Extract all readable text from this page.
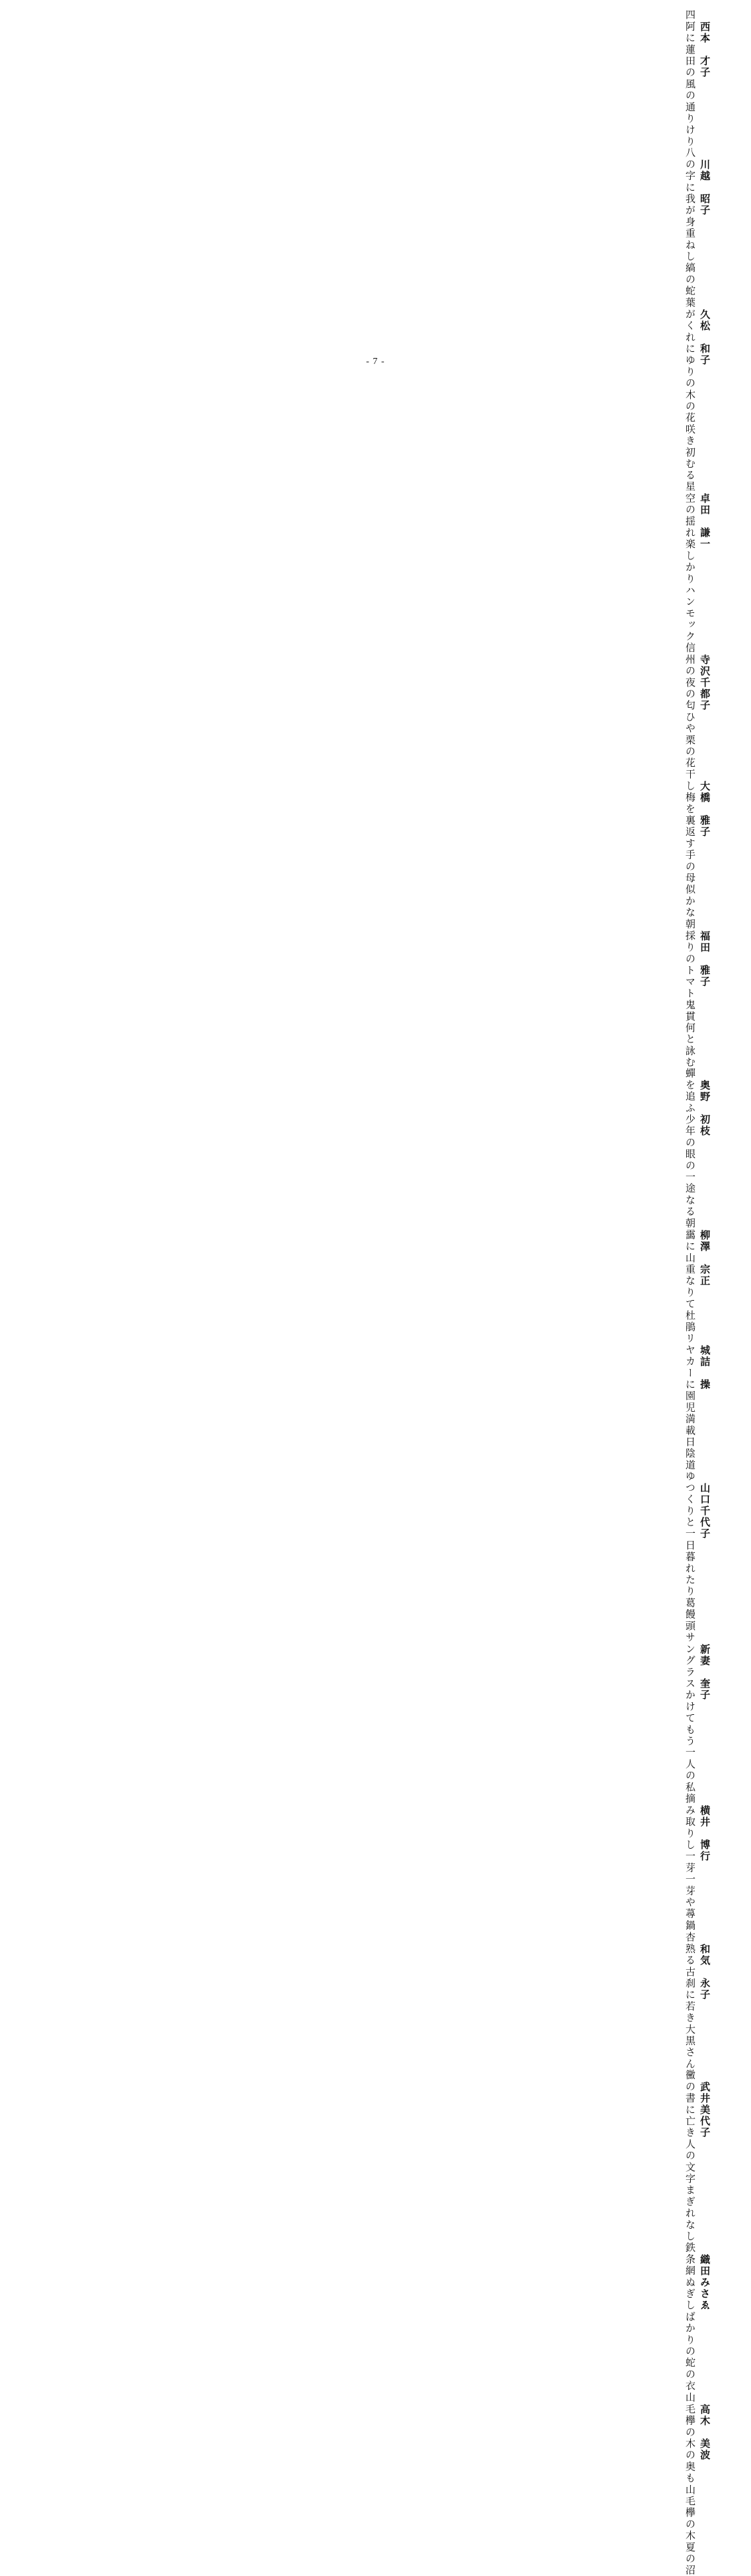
西本　才子
四阿に蓮田の風の通りけり
川越　昭子
八の字に我が身重ねし縞の蛇
久松　和子
葉がくれにゆりの木の花咲き初むる
卓田　謙一
星空の揺れ楽しかりハンモック
寺沢千都子
信州の夜の匂ひや栗の花
大橋　雅子
干し梅を裏返す手の母似かな
福田　雅子
朝採りのトマト鬼貫何と詠む
奥野　初枝
蟬を追ふ少年の眼の一途なる
柳澤　宗正
朝靄に山重なりて杜鵑
城詰　操
リヤカーに園児満載日陰道
山口千代子
ゆつくりと一日暮れたり葛饅頭
新妻　奎子
サングラスかけてもう一人の私
横井　博行
摘み取りし一芽一芽や蕁鍋
和気　永子
杏熟る古刹に若き大黒さん
武井美代子
黴の書に亡き人の文字まぎれなし
織田みさゑ
鉄条網ぬぎしばかりの蛇の衣
高木　美波
山毛欅の木の奥も山毛欅の木夏の沼
- 7 -
